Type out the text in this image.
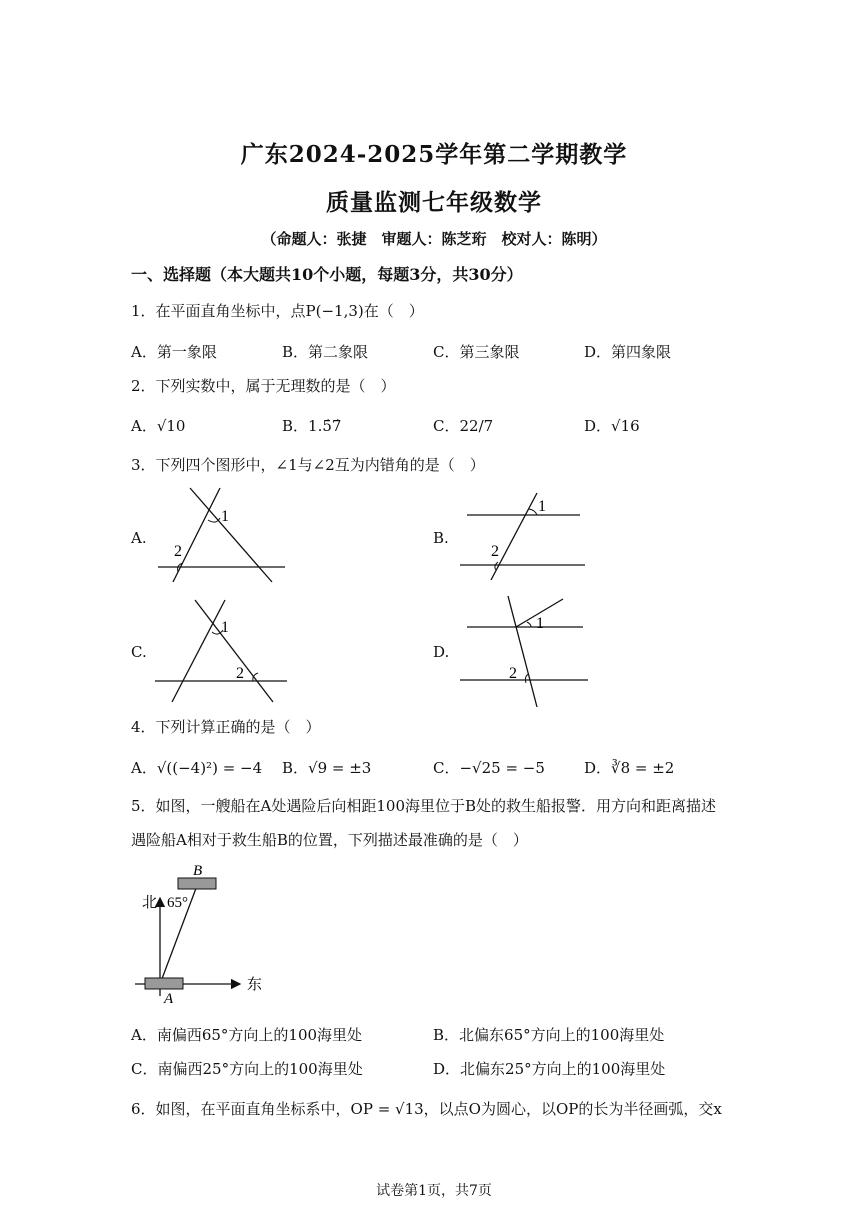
广东2024-2025学年第二学期教学
质量监测七年级数学
（命题人：张捷　审题人：陈芝珩　校对人：陈明）
一、选择题（本大题共10个小题，每题3分，共30分）
1．在平面直角坐标中，点P(−1,3)在（　）
A．第一象限	B．第二象限	C．第三象限	D．第四象限
2．下列实数中，属于无理数的是（　）
A．√10	B．1.5̇7̇	C．22/7	D．√16
3．下列四个图形中，∠1与∠2互为内错角的是（　）
A.
1
2
B.
1
2
C.
1
2
D.
1
2
4．下列计算正确的是（　）
A．√((−4)²) = −4 B．√9 = ±3	C．−√25 = −5	D．∛8 = ±2
5．如图，一艘船在A处遇险后向相距100海里位于B处的救生船报警．用方向和距离描述
遇险船A相对于救生船B的位置，下列描述最准确的是（　）
北 65°
东
B
A
A．南偏西65°方向上的100海里处	B．北偏东65°方向上的100海里处
C．南偏西25°方向上的100海里处	D．北偏东25°方向上的100海里处
6．如图，在平面直角坐标系中，OP = √13，以点O为圆心，以OP的长为半径画弧，交x
试卷第1页，共7页
